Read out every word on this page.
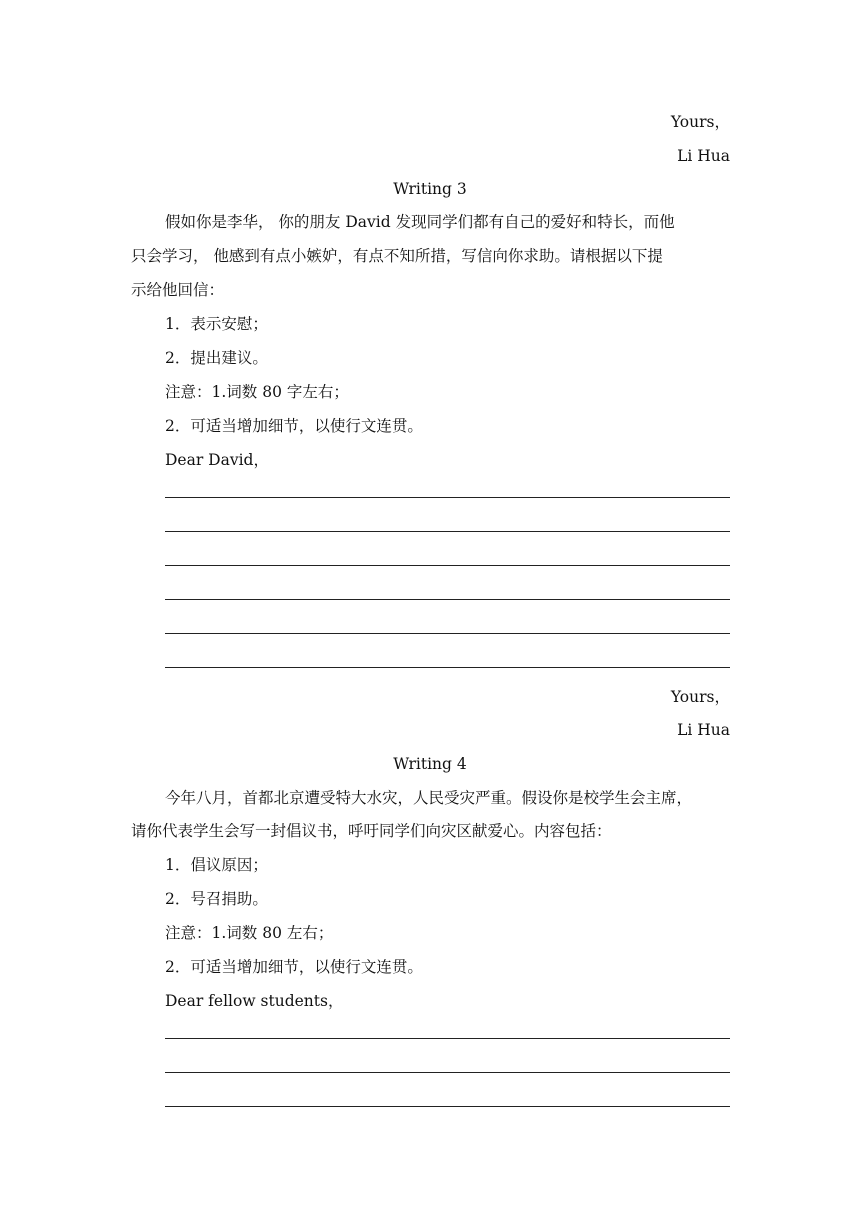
Yours，
Li Hua
Writing 3
假如你是李华， 你的朋友 David 发现同学们都有自己的爱好和特长，而他
只会学习， 他感到有点小嫉妒，有点不知所措，写信向你求助。请根据以下提
示给他回信：
1．表示安慰；
2．提出建议。
注意：1.词数 80 字左右；
2．可适当增加细节，以使行文连贯。
Dear David，
Yours，
Li Hua
Writing 4
今年八月，首都北京遭受特大水灾，人民受灾严重。假设你是校学生会主席，
请你代表学生会写一封倡议书，呼吁同学们向灾区献爱心。内容包括：
1．倡议原因；
2．号召捐助。
注意：1.词数 80 左右；
2．可适当增加细节，以使行文连贯。
Dear fellow students，
